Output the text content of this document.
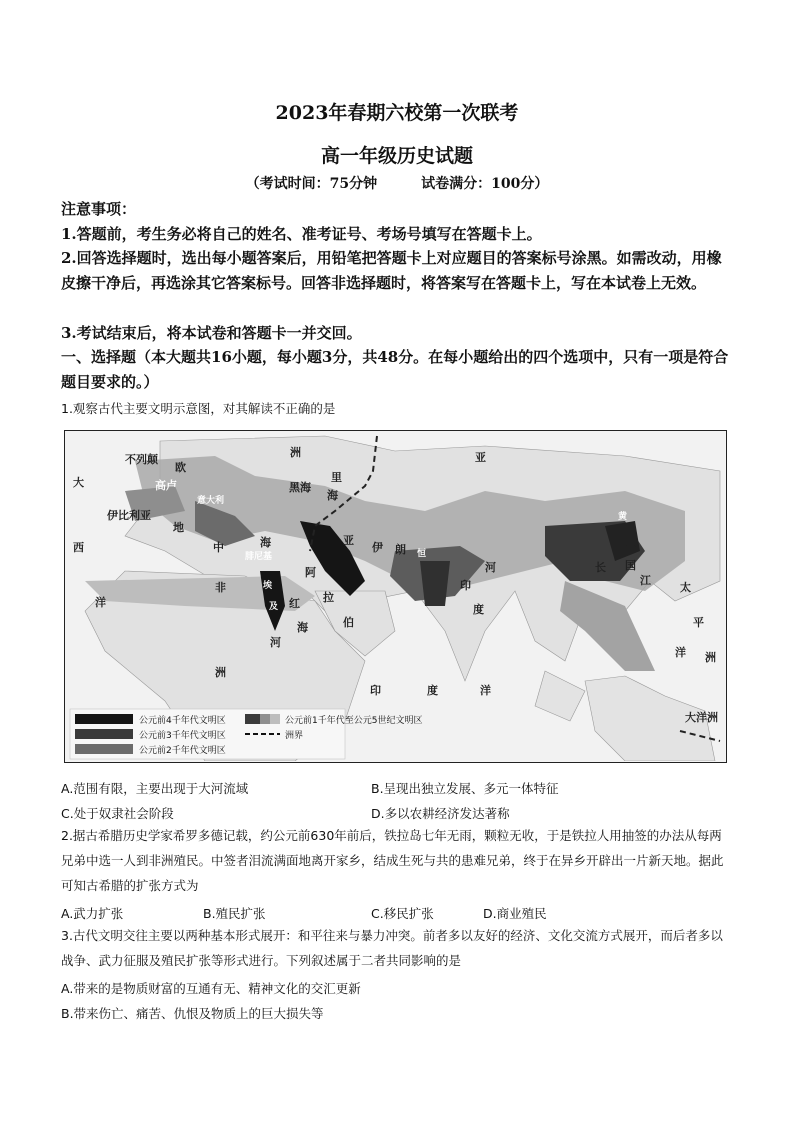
2023年春期六校第一次联考
高一年级历史试题
（考试时间：75分钟	试卷满分：100分）
注意事项：
1.答题前，考生务必将自己的姓名、准考证号、考场号填写在答题卡上。
2.回答选择题时，选出每小题答案后，用铅笔把答题卡上对应题目的答案标号涂黑。如需改动，用橡皮擦干净后，再选涂其它答案标号。回答非选择题时，将答案写在答题卡上，写在本试卷上无效。
3.考试结束后，将本试卷和答题卡一并交回。
一、选择题（本大题共16小题，每小题3分，共48分。在每小题给出的四个选项中，只有一项是符合题目要求的。）
1.观察古代主要文明示意图，对其解读不正确的是
大
西
洋
不列颠
欧
高卢
伊比利亚
意大利
地
中	海
黑海
洲
里
海
亚
伊 朗
亚
非
洲
腓尼基
埃
及
阿
拉
伯
红
海
河
恒
印
度
河
印	度	洋
黄
中
国
长
江
太
平
洋 洲
大洋洲
公元前4千年代文明区
公元前3千年代文明区
公元前2千年代文明区
公元前1千年代至公元5世纪文明区
洲界
A.范围有限，主要出现于大河流域	B.呈现出独立发展、多元一体特征
C.处于奴隶社会阶段	D.多以农耕经济发达著称
2.据古希腊历史学家希罗多德记载，约公元前630年前后，铁拉岛七年无雨，颗粒无收，于是铁拉人用抽签的办法从每两兄弟中选一人到非洲殖民。中签者泪流满面地离开家乡，结成生死与共的患难兄弟，终于在异乡开辟出一片新天地。据此可知古希腊的扩张方式为
A.武力扩张	B.殖民扩张	C.移民扩张	D.商业殖民
3.古代文明交往主要以两种基本形式展开：和平往来与暴力冲突。前者多以友好的经济、文化交流方式展开，而后者多以战争、武力征服及殖民扩张等形式进行。下列叙述属于二者共同影响的是
A.带来的是物质财富的互通有无、精神文化的交汇更新
B.带来伤亡、痛苦、仇恨及物质上的巨大损失等
